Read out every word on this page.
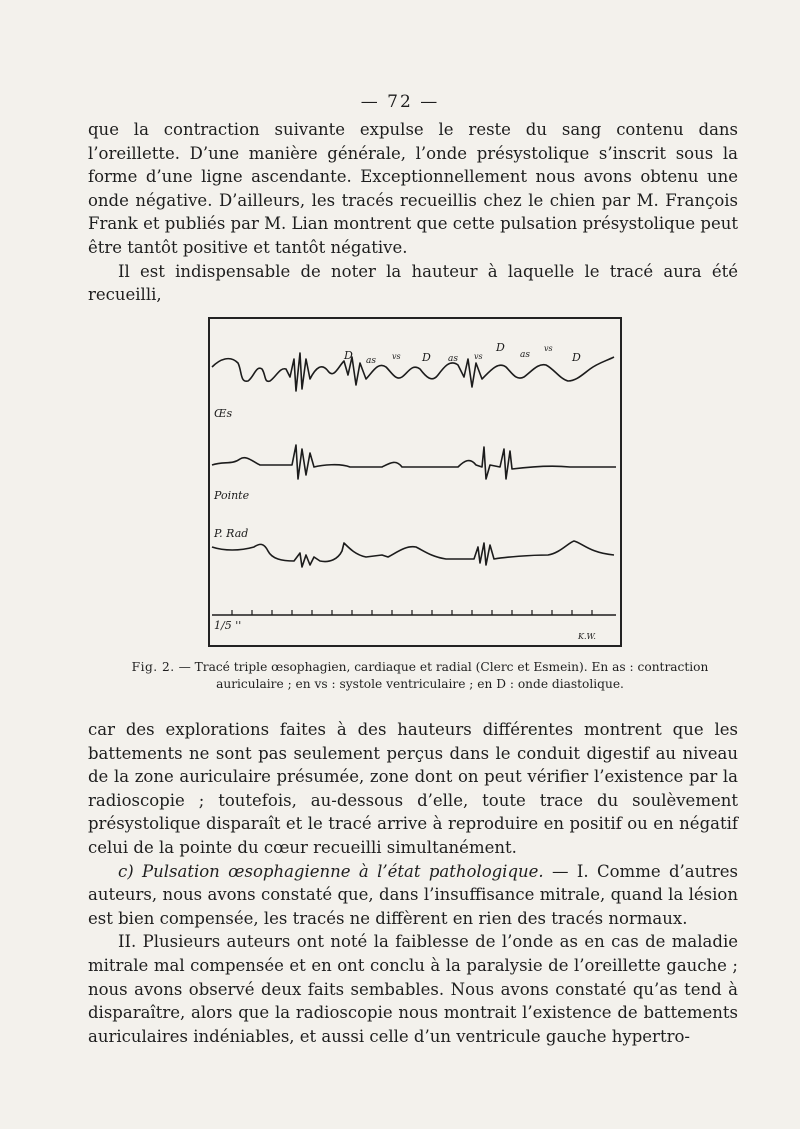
— 72 —

que la contraction suivante expulse le reste du sang contenu dans l’oreillette. D’une manière générale, l’onde présystolique s’inscrit sous la forme d’une ligne ascendante. Exceptionnellement nous avons obtenu une onde négative. D’ailleurs, les tracés recueillis chez le chien par M. François Frank et publiés par M. Lian montrent que cette pulsation présystolique peut être tantôt positive et tantôt négative.

Il est indispensable de noter la hauteur à laquelle le tracé aura été recueilli,

Œs
Pointe
P. Rad
1/5 ''
K.W.
D as vs D as vs
D
as
vs
D
Fig. 2. — Tracé triple œsophagien, cardiaque et radial (Clerc et Esmein). En as : contraction auriculaire ; en vs : systole ventriculaire ; en D : onde diastolique.

car des explorations faites à des hauteurs différentes montrent que les battements ne sont pas seulement perçus dans le conduit digestif au niveau de la zone auriculaire présumée, zone dont on peut vérifier l’existence par la radioscopie ; toutefois, au-dessous d’elle, toute trace du soulèvement présystolique disparaît et le tracé arrive à reproduire en positif ou en négatif celui de la pointe du cœur recueilli simultanément.

c) Pulsation œsophagienne à l’état pathologique. — I. Comme d’autres auteurs, nous avons constaté que, dans l’insuffisance mitrale, quand la lésion est bien compensée, les tracés ne diffèrent en rien des tracés normaux.

II. Plusieurs auteurs ont noté la faiblesse de l’onde as en cas de maladie mitrale mal compensée et en ont conclu à la paralysie de l’oreillette gauche ; nous avons observé deux faits sembables. Nous avons constaté qu’as tend à disparaître, alors que la radioscopie nous montrait l’existence de battements auriculaires indéniables, et aussi celle d’un ventricule gauche hypertro-
